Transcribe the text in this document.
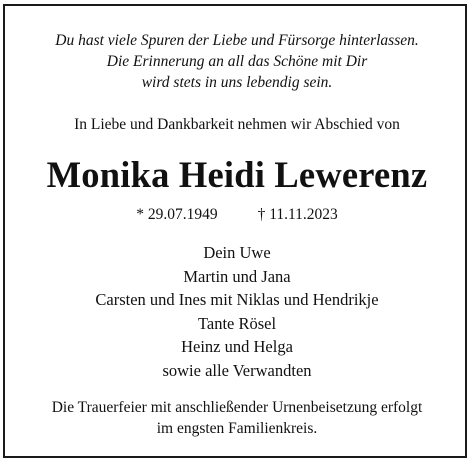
Du hast viele Spuren der Liebe und Fürsorge hinterlassen.
Die Erinnerung an all das Schöne mit Dir
wird stets in uns lebendig sein.
In Liebe und Dankbarkeit nehmen wir Abschied von
Monika Heidi Lewerenz
* 29.07.1949	† 11.11.2023
Dein Uwe
Martin und Jana
Carsten und Ines mit Niklas und Hendrikje
Tante Rösel
Heinz und Helga
sowie alle Verwandten
Die Trauerfeier mit anschließender Urnenbeisetzung erfolgt
im engsten Familienkreis.
